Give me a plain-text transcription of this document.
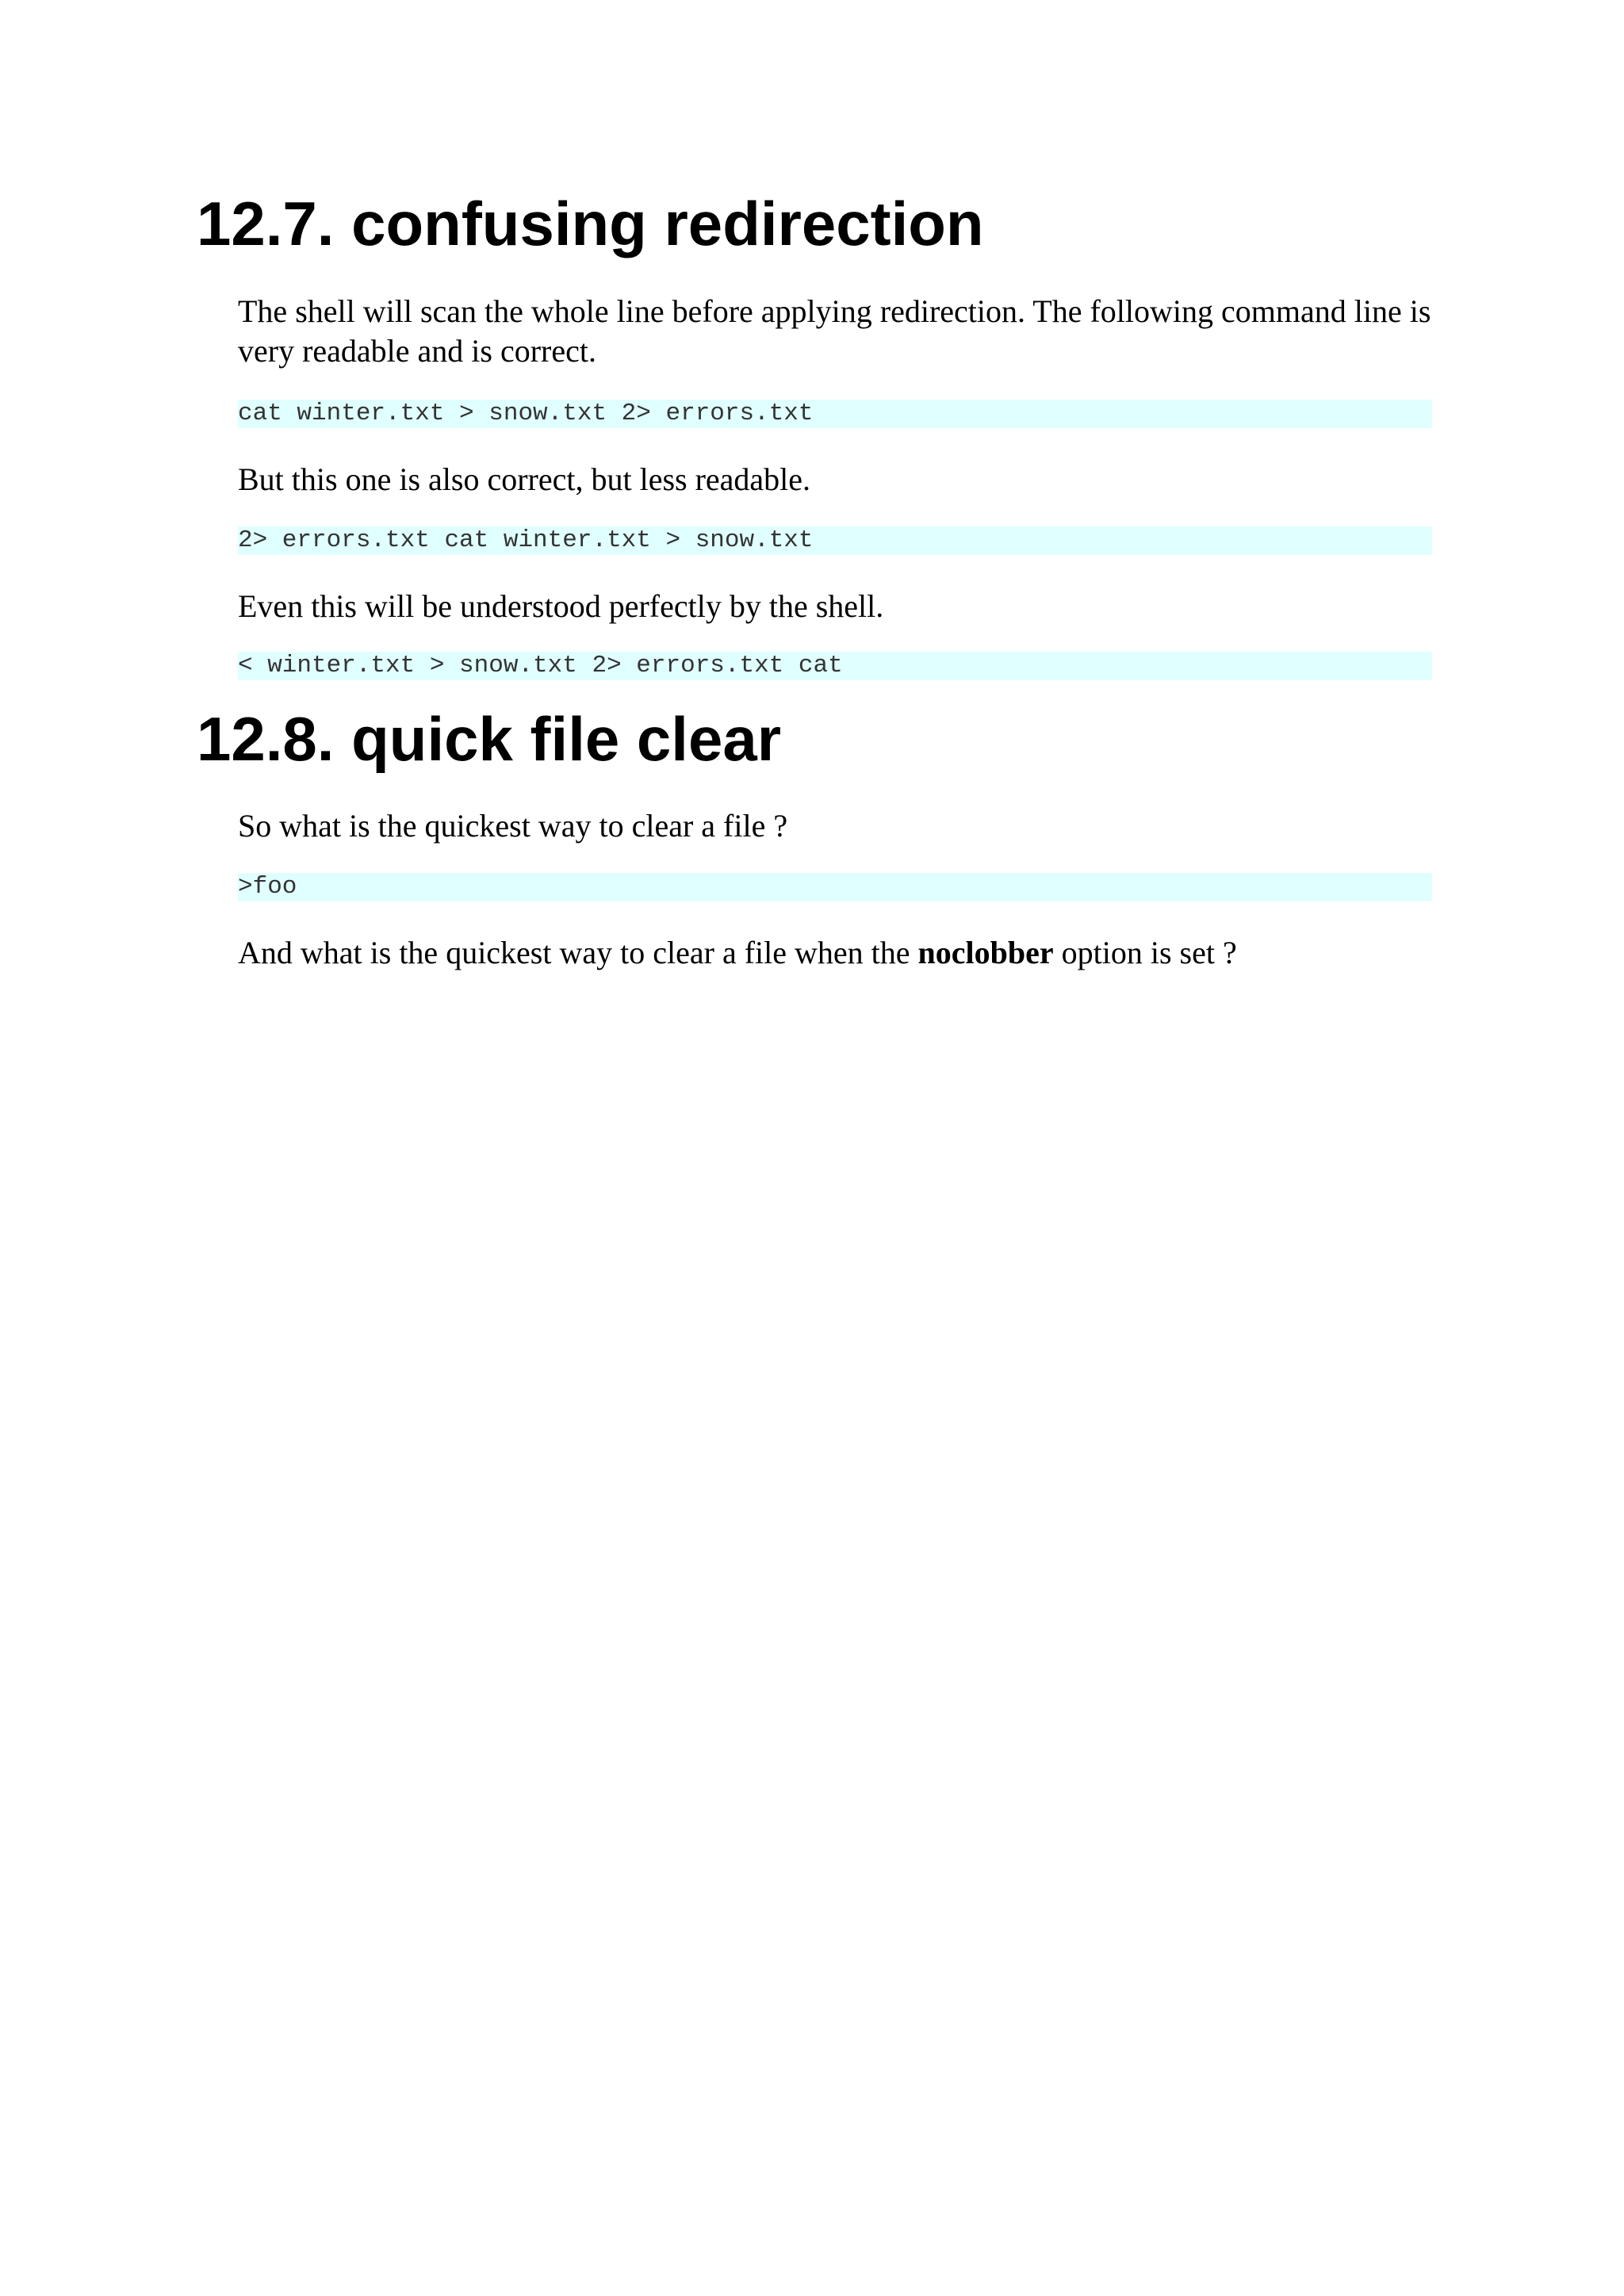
12.7. confusing redirection

The shell will scan the whole line before applying redirection. The following command line is very readable and is correct.

cat winter.txt > snow.txt 2> errors.txt

But this one is also correct, but less readable.

2> errors.txt cat winter.txt > snow.txt

Even this will be understood perfectly by the shell.

< winter.txt > snow.txt 2> errors.txt cat
12.8. quick file clear

So what is the quickest way to clear a file ?

>foo

And what is the quickest way to clear a file when the noclobber option is set ?
